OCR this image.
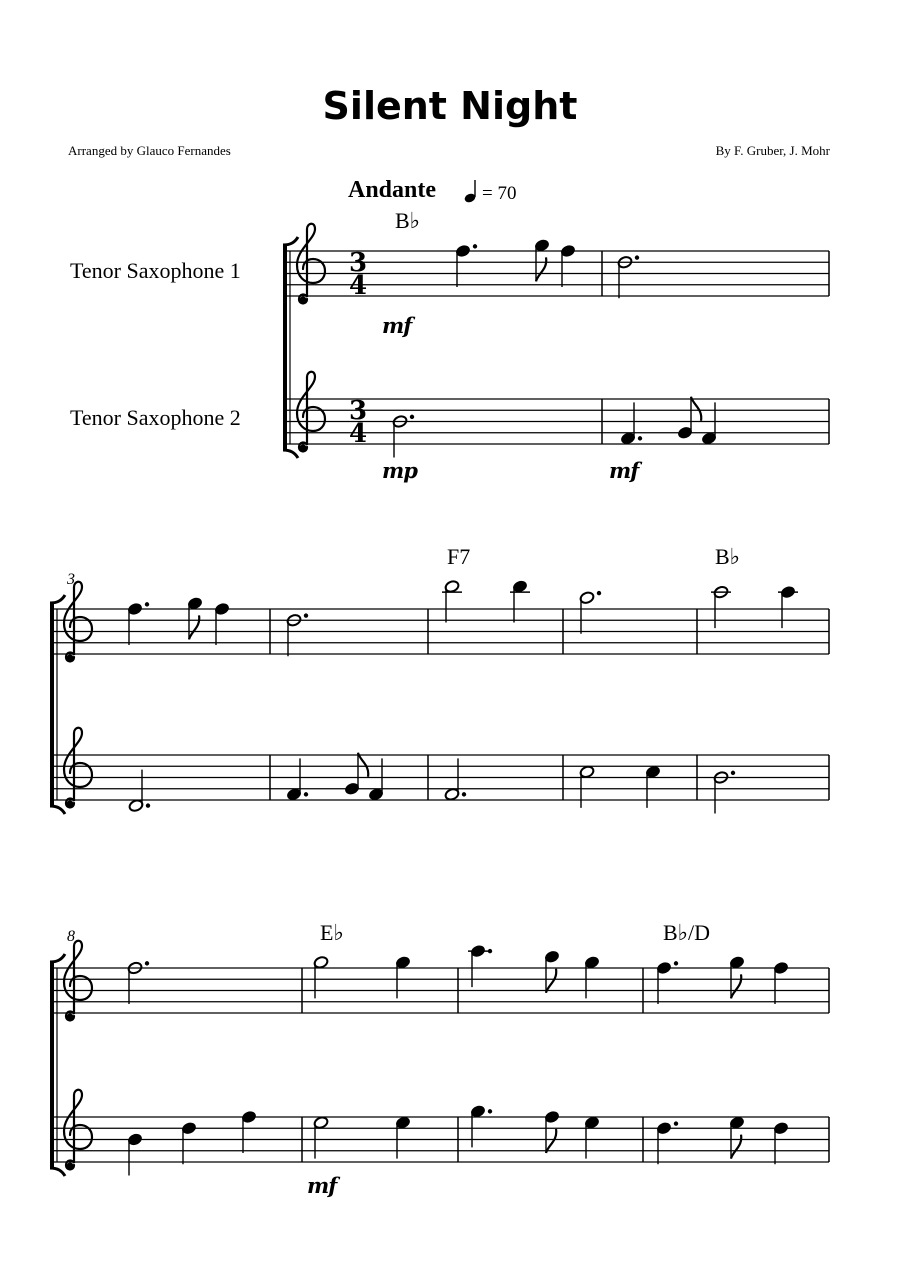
Silent Night
Arranged by Glauco Fernandes	By F. Gruber, J. Mohr
Andante = 70
Tenor Saxophone 1
Tenor Saxophone 2
B♭
F7	B♭
E♭	B♭/D
3
8
mf
mp	mf
mf
3
4
3
4
